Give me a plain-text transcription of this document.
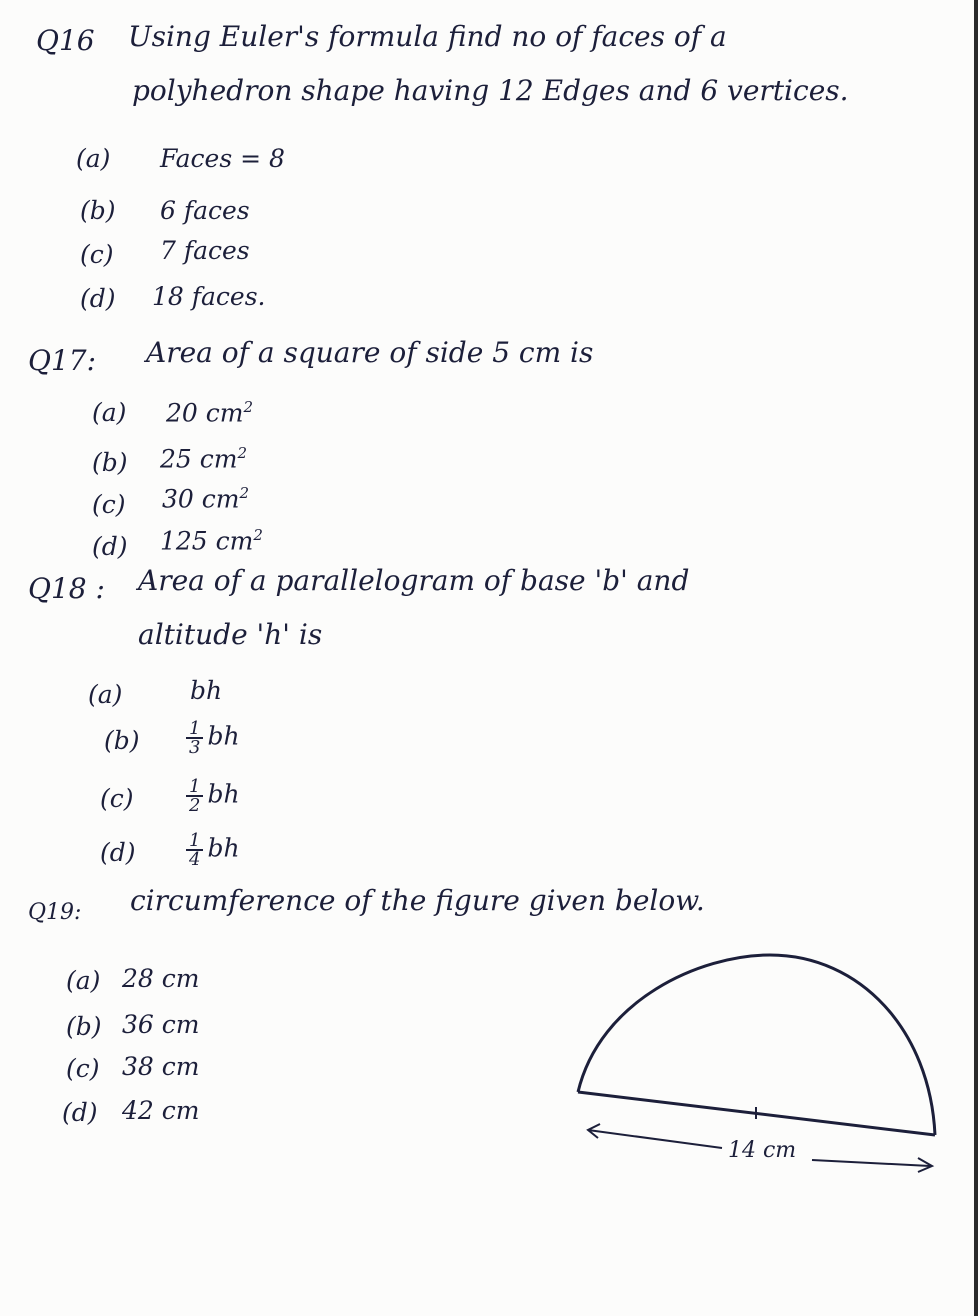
Q16 Using Euler's formula find no of faces of a
polyhedron shape having 12 Edges and 6 vertices.
(a) Faces = 8
(b) 6 faces
(c) 7 faces
(d) 18 faces.
Q17: Area of a square of side 5 cm is
(a) 20 $cm^2$
(b) 25 $cm^2$
(c) 30 $cm^2$
(d) 125 $cm^2$
Q18 : Area of a parallelogram of base 'b' and
altitude 'h' is
(a)	bh
(b)	$\frac{1}{3}$ bh
(c)	$\frac{1}{2}$ bh
(d)	$\frac{1}{4}$ bh
Q19: circumference of the figure given below.
(a) 28 cm
(b) 36 cm
(c) 38 cm
(d) 42 cm
14 cm
